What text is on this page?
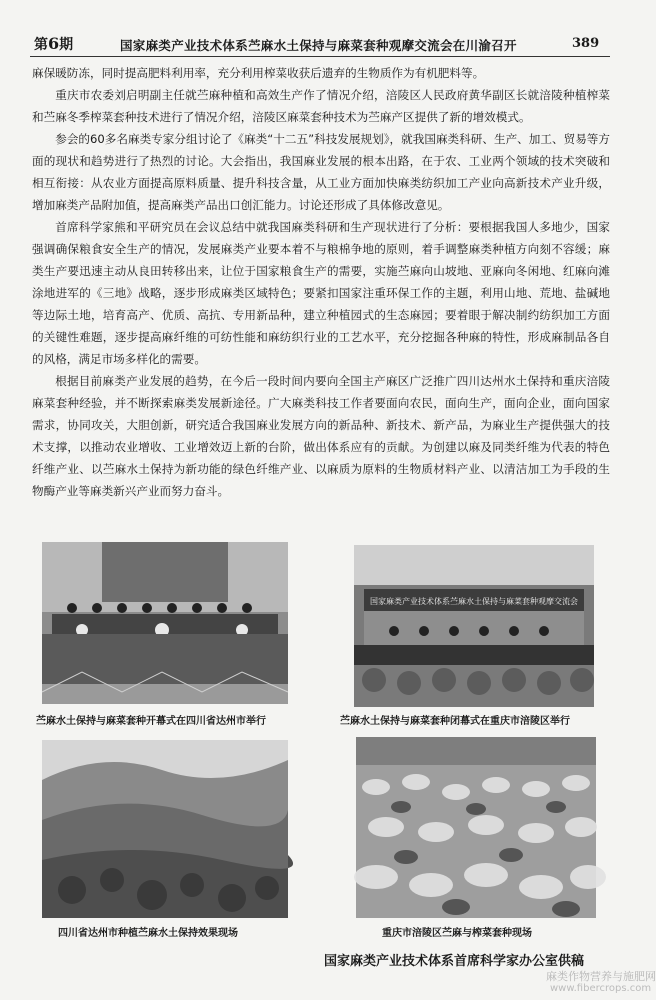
第6期	国家麻类产业技术体系苎麻水土保持与麻菜套种观摩交流会在川渝召开	389

麻保暖防冻，同时提高肥料利用率，充分利用榨菜收获后遗弃的生物质作为有机肥料等。

重庆市农委刘启明副主任就苎麻种植和高效生产作了情况介绍，涪陵区人民政府黄华副区长就涪陵种植榨菜和苎麻冬季榨菜套种技术进行了情况介绍，涪陵区麻菜套种技术为苎麻产区提供了新的增效模式。

参会的60多名麻类专家分组讨论了《麻类“十二五”科技发展规划》，就我国麻类科研、生产、加工、贸易等方面的现状和趋势进行了热烈的讨论。大会指出，我国麻业发展的根本出路，在于农、工业两个领域的技术突破和相互衔接：从农业方面提高原料质量、提升科技含量，从工业方面加快麻类纺织加工产业向高新技术产业升级，增加麻类产品附加值，提高麻类产品出口创汇能力。讨论还形成了具体修改意见。

首席科学家熊和平研究员在会议总结中就我国麻类科研和生产现状进行了分析：要根据我国人多地少，国家强调确保粮食安全生产的情况，发展麻类产业要本着不与粮棉争地的原则，着手调整麻类种植方向刻不容缓；麻类生产要迅速主动从良田转移出来，让位于国家粮食生产的需要，实施苎麻向山坡地、亚麻向冬闲地、红麻向滩涂地进军的《三地》战略，逐步形成麻类区域特色；要紧扣国家注重环保工作的主题，利用山地、荒地、盐碱地等边际土地，培育高产、优质、高抗、专用新品种，建立种植园式的生态麻园；要着眼于解决制约纺织加工方面的关键性难题，逐步提高麻纤维的可纺性能和麻纺织行业的工艺水平，充分挖掘各种麻的特性，形成麻制品各自的风格，满足市场多样化的需要。

根据目前麻类产业发展的趋势，在今后一段时间内要向全国主产麻区广泛推广四川达州水土保持和重庆涪陵麻菜套种经验，并不断探索麻类发展新途径。广大麻类科技工作者要面向农民，面向生产，面向企业，面向国家需求，协同攻关，大胆创新，研究适合我国麻业发展方向的新品种、新技术、新产品，为麻业生产提供强大的技术支撑，以推动农业增收、工业增效迈上新的台阶，做出体系应有的贡献。为创建以麻及同类纤维为代表的特色纤维产业、以苎麻水土保持为新功能的绿色纤维产业、以麻质为原料的生物质材料产业、以清洁加工为手段的生物酶产业等麻类新兴产业而努力奋斗。

苎麻水土保持与麻菜套种开幕式在四川省达州市举行
国家麻类产业技术体系苎麻水土保持与麻菜套种观摩交流会
苎麻水土保持与麻菜套种闭幕式在重庆市涪陵区举行
四川省达州市种植苎麻水土保持效果现场	重庆市涪陵区苎麻与榨菜套种现场
国家麻类产业技术体系首席科学家办公室供稿
麻类作物营养与施肥网
www.fibercrops.com
